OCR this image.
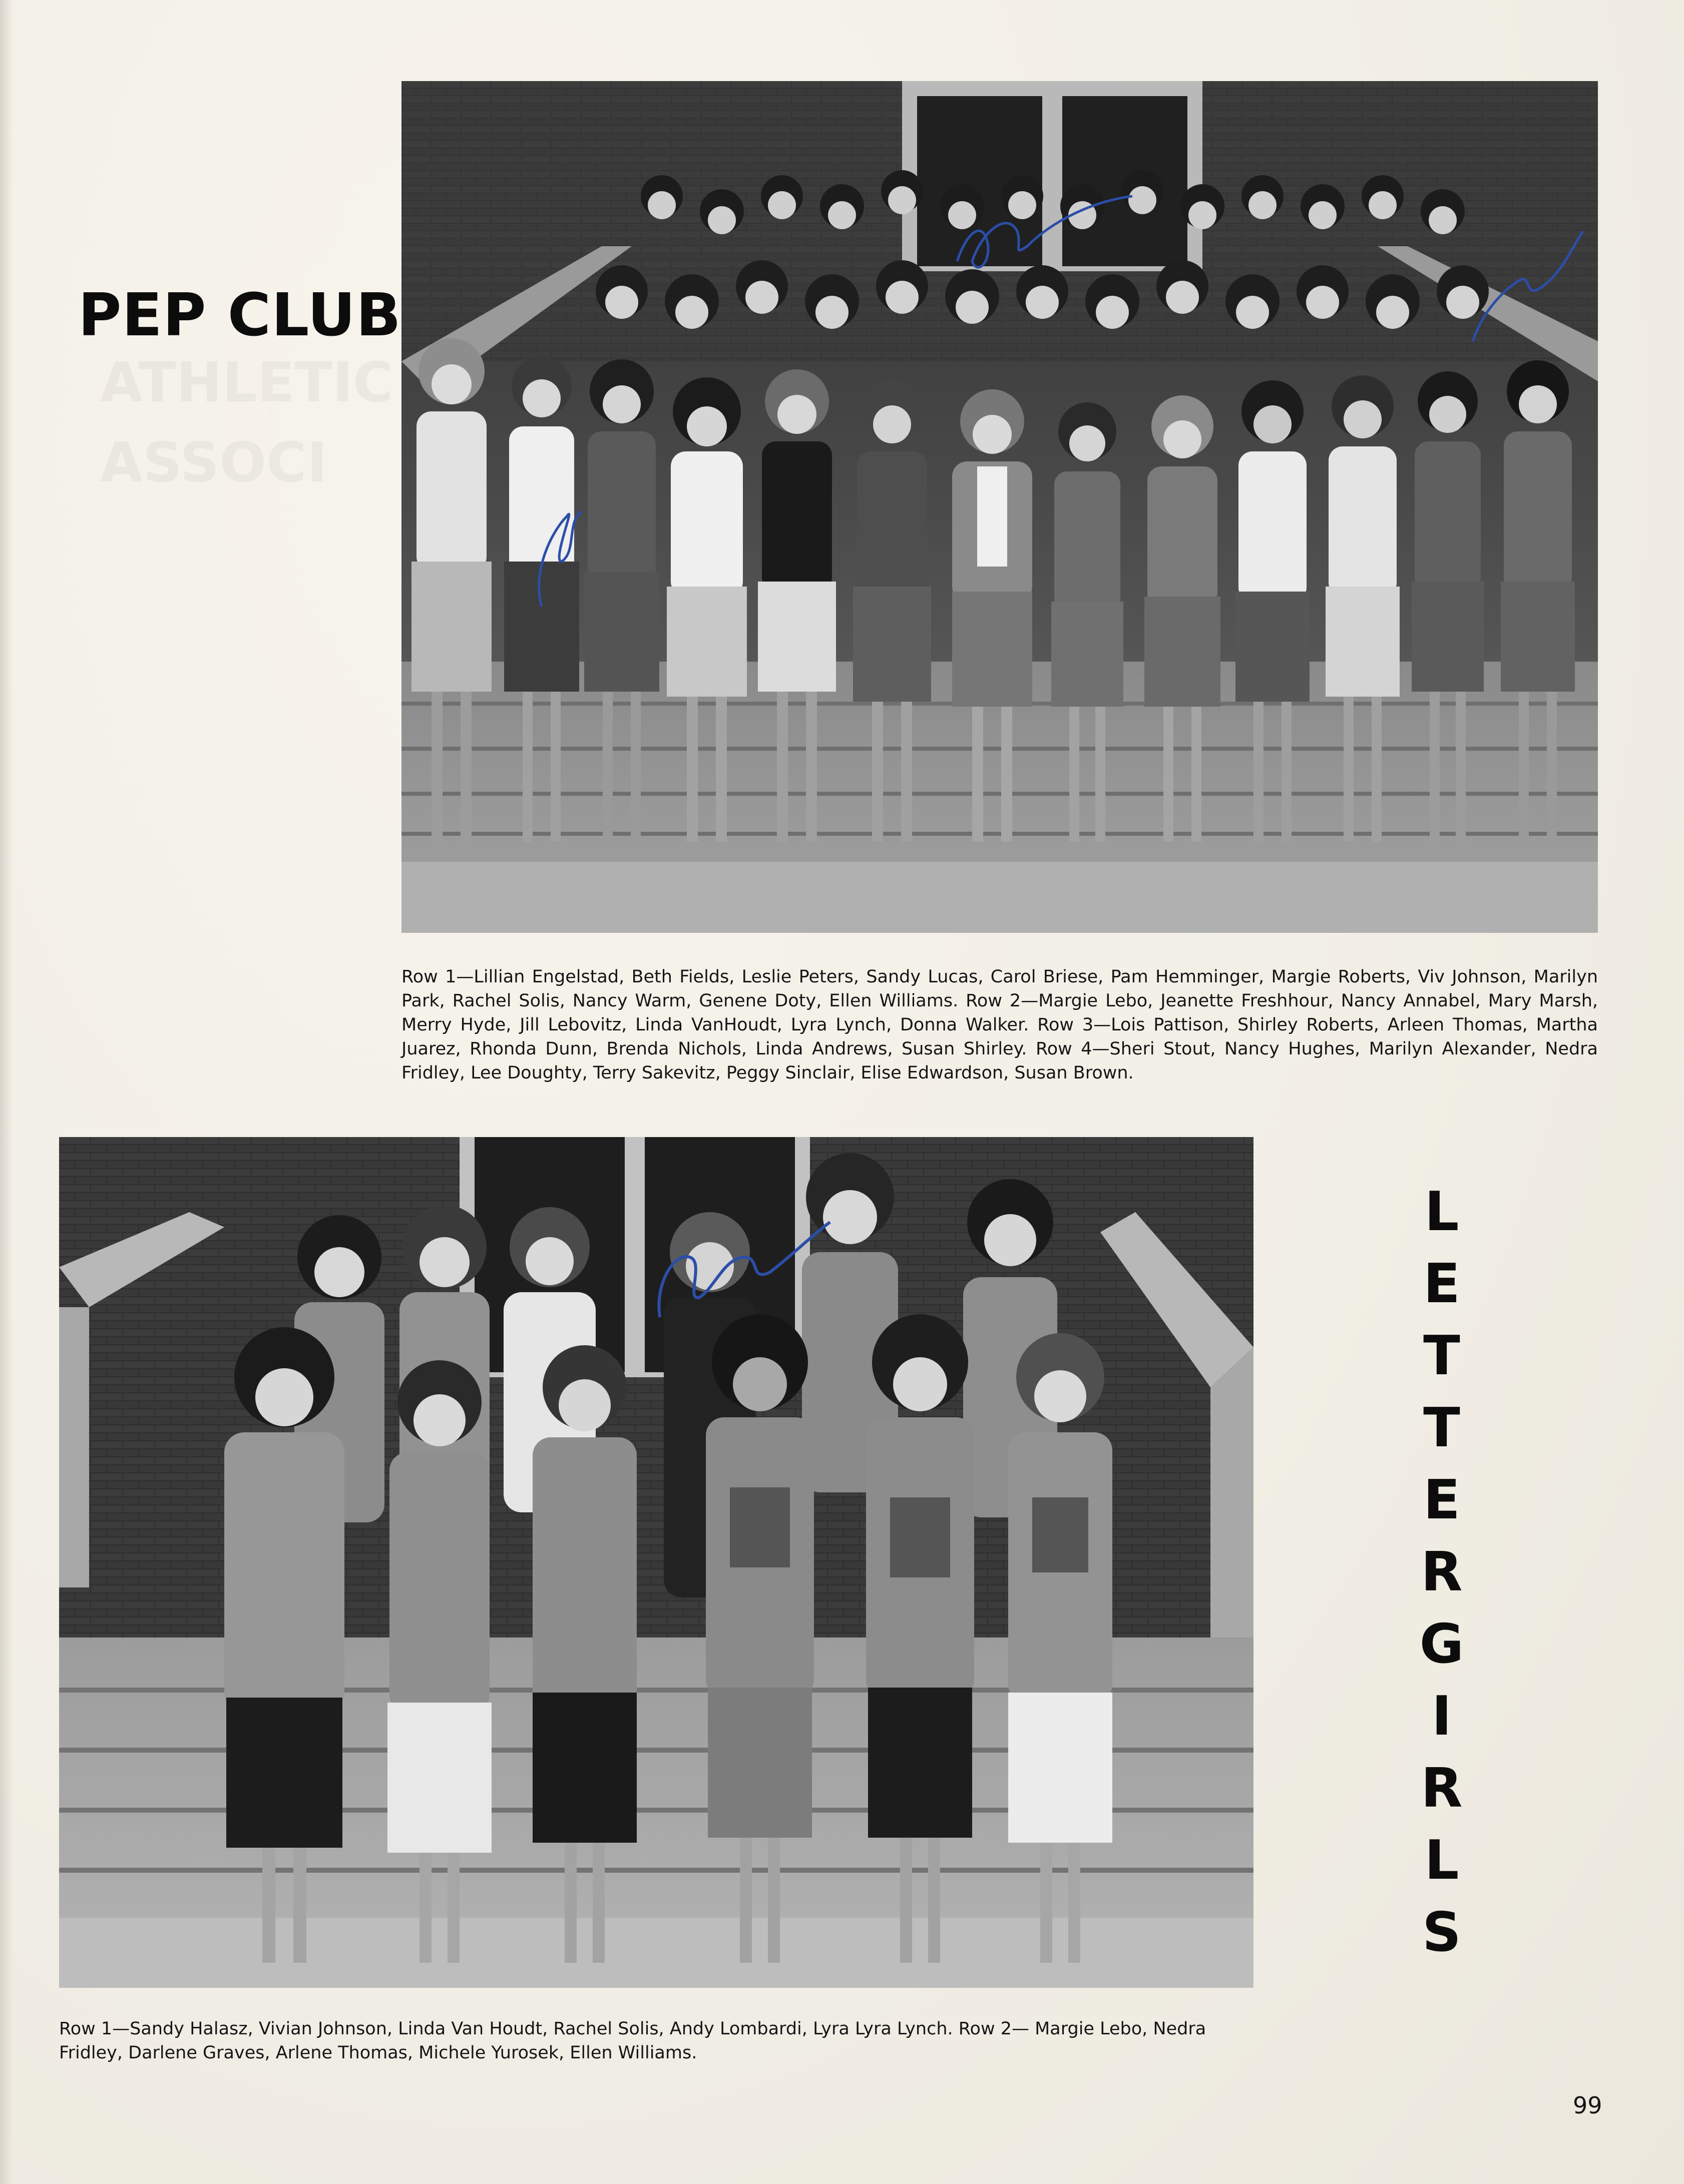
ATHLETIC
ASSOCI
PEP CLUB
Row 1—Lillian Engelstad, Beth Fields, Leslie Peters, Sandy Lucas, Carol Briese, Pam Hemminger, Margie Roberts, Viv Johnson, Marilyn Park, Rachel Solis, Nancy Warm, Genene Doty, Ellen Williams. Row 2—Margie Lebo, Jeanette Freshhour, Nancy Annabel, Mary Marsh, Merry Hyde, Jill Lebovitz, Linda VanHoudt, Lyra Lynch, Donna Walker. Row 3—Lois Pattison, Shirley Roberts, Arleen Thomas, Martha Juarez, Rhonda Dunn, Brenda Nichols, Linda Andrews, Susan Shirley. Row 4—Sheri Stout, Nancy Hughes, Marilyn Alexander, Nedra Fridley, Lee Doughty, Terry Sakevitz, Peggy Sinclair, Elise Edwardson, Susan Brown.
Row 1—Sandy Halasz, Vivian Johnson, Linda Van Houdt, Rachel Solis, Andy Lombardi, Lyra Lyra Lynch. Row 2— Margie Lebo, Nedra Fridley, Darlene Graves, Arlene Thomas, Michele Yurosek, Ellen Williams.
L
E
T
T
E
R
G
I
R
L
S
99
